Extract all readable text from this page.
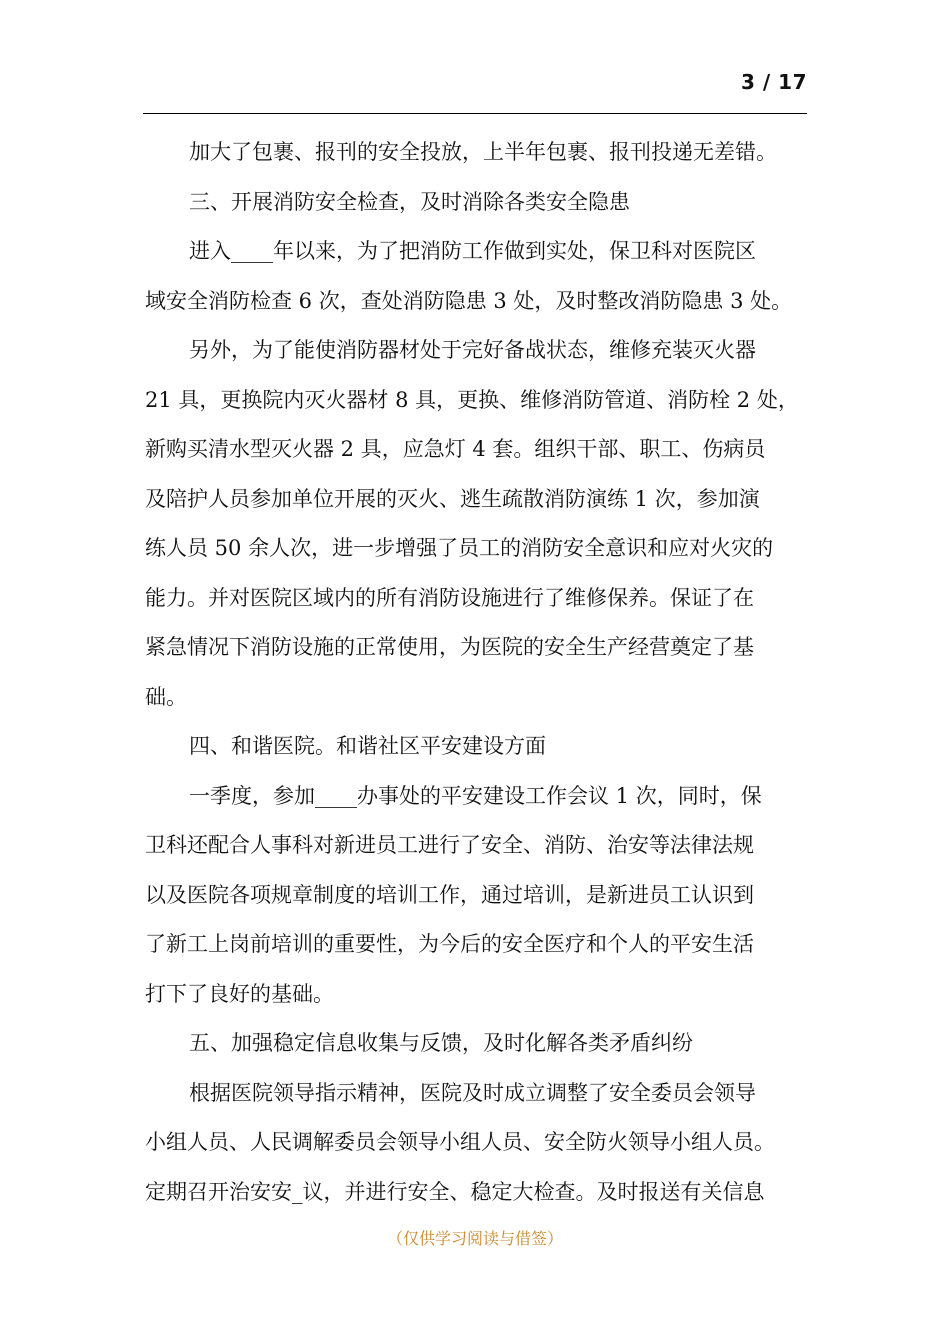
3 / 17
加大了包裹、报刊的安全投放，上半年包裹、报刊投递无差错。
三、开展消防安全检查，及时消除各类安全隐患
进入____年以来，为了把消防工作做到实处，保卫科对医院区
域安全消防检查 6 次，查处消防隐患 3 处，及时整改消防隐患 3 处。
另外，为了能使消防器材处于完好备战状态，维修充装灭火器
21 具，更换院内灭火器材 8 具，更换、维修消防管道、消防栓 2 处，
新购买清水型灭火器 2 具，应急灯 4 套。组织干部、职工、伤病员
及陪护人员参加单位开展的灭火、逃生疏散消防演练 1 次，参加演
练人员 50 余人次，进一步增强了员工的消防安全意识和应对火灾的
能力。并对医院区域内的所有消防设施进行了维修保养。保证了在
紧急情况下消防设施的正常使用，为医院的安全生产经营奠定了基
础。
四、和谐医院。和谐社区平安建设方面
一季度，参加____办事处的平安建设工作会议 1 次，同时，保
卫科还配合人事科对新进员工进行了安全、消防、治安等法律法规
以及医院各项规章制度的培训工作，通过培训，是新进员工认识到
了新工上岗前培训的重要性，为今后的安全医疗和个人的平安生活
打下了良好的基础。
五、加强稳定信息收集与反馈，及时化解各类矛盾纠纷
根据医院领导指示精神，医院及时成立调整了安全委员会领导
小组人员、人民调解委员会领导小组人员、安全防火领导小组人员。
定期召开治安安_议，并进行安全、稳定大检查。及时报送有关信息
（仅供学习阅读与借签）
